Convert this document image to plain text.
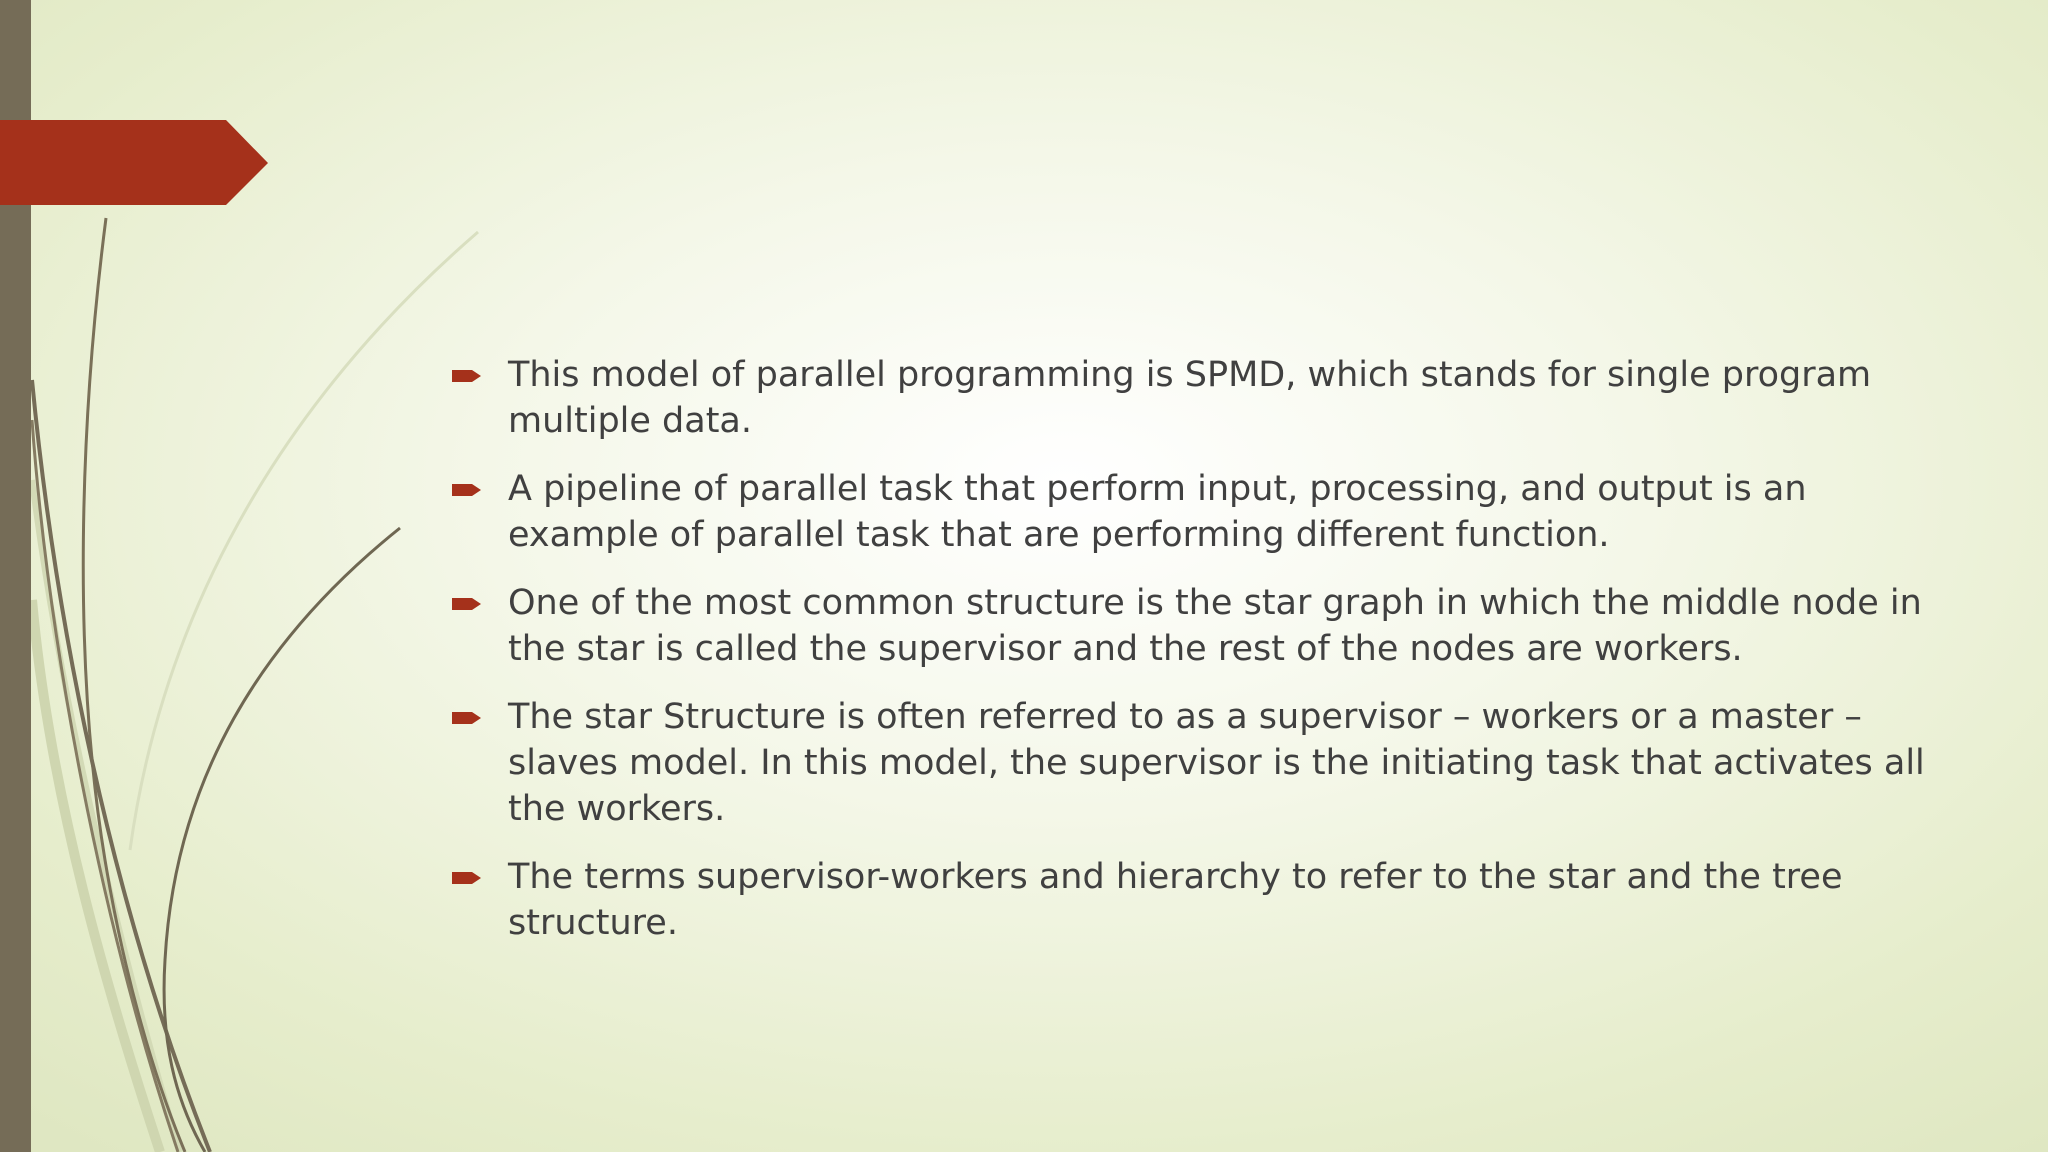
This model of parallel programming is SPMD, which stands for single program multiple data.
A pipeline of parallel task that perform input, processing, and output is an example of parallel task that are performing different function.
One of the most common structure is the star graph in which the middle node in the star is called the supervisor and the rest of the nodes are workers.
The star Structure is often referred to as a supervisor – workers or a master – slaves model. In this model, the supervisor is the initiating task that activates all the workers.
The terms supervisor-workers and hierarchy to refer to the star and the tree structure.
